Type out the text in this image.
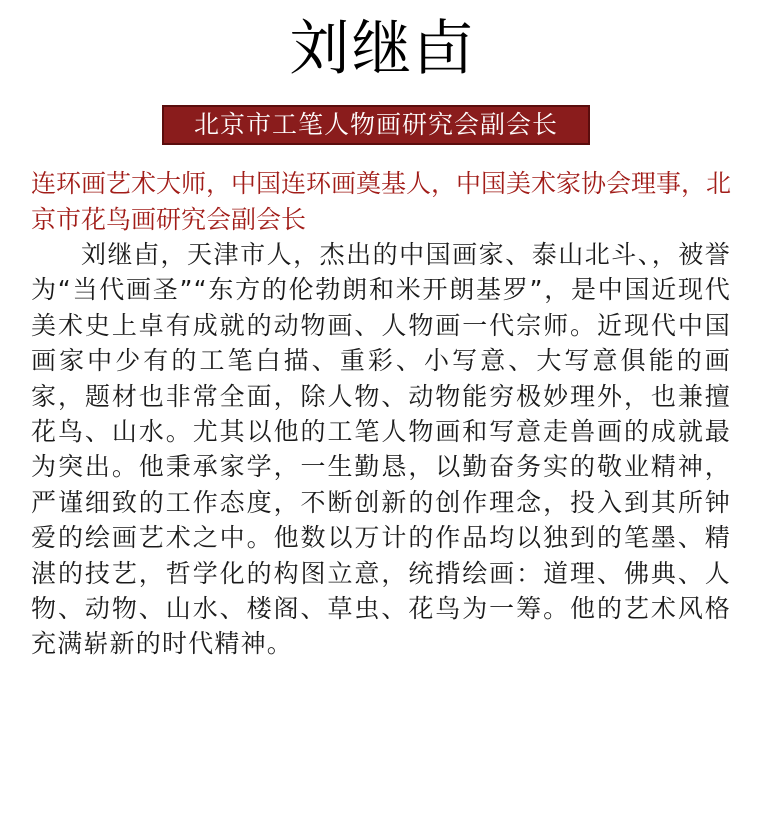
刘继卣
北京市工笔人物画研究会副会长

连环画艺术大师，中国连环画奠基人，中国美术家协会理事，北京市花鸟画研究会副会长

刘继卣，天津市人，杰出的中国画家、泰山北斗、，被誉为“当代画圣”“东方的伦勃朗和米开朗基罗”，是中国近现代美术史上卓有成就的动物画、人物画一代宗师。近现代中国画家中少有的工笔白描、重彩、小写意、大写意俱能的画家，题材也非常全面，除人物、动物能穷极妙理外，也兼擅花鸟、山水。尤其以他的工笔人物画和写意走兽画的成就最为突出。他秉承家学，一生勤恳，以勤奋务实的敬业精神，严谨细致的工作态度，不断创新的创作理念，投入到其所钟爱的绘画艺术之中。他数以万计的作品均以独到的笔墨、精湛的技艺，哲学化的构图立意，统揹绘画：道理、佛典、人物、动物、山水、楼阁、草虫、花鸟为一筹。他的艺术风格充满崭新的时代精神。
